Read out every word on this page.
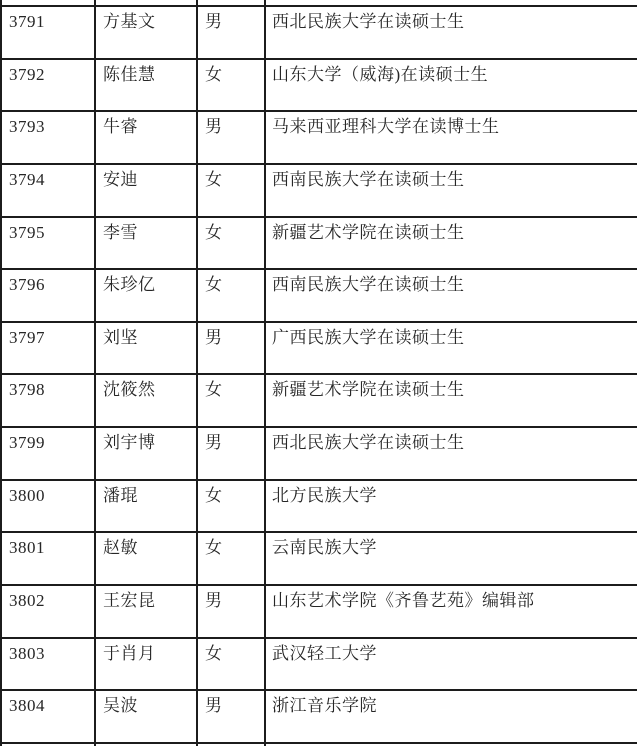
3791	方基文	男	西北民族大学在读硕士生
3792	陈佳慧	女	山东大学（威海)在读硕士生
3793	牛睿	男	马来西亚理科大学在读博士生
3794	安迪	女	西南民族大学在读硕士生
3795	李雪	女	新疆艺术学院在读硕士生
3796	朱珍亿	女	西南民族大学在读硕士生
3797	刘坚	男	广西民族大学在读硕士生
3798	沈筱然	女	新疆艺术学院在读硕士生
3799	刘宇博	男	西北民族大学在读硕士生
3800	潘琨	女	北方民族大学
3801	赵敏	女	云南民族大学
3802	王宏昆	男	山东艺术学院《齐鲁艺苑》编辑部
3803	于肖月	女	武汉轻工大学
3804	吴波	男	浙江音乐学院
